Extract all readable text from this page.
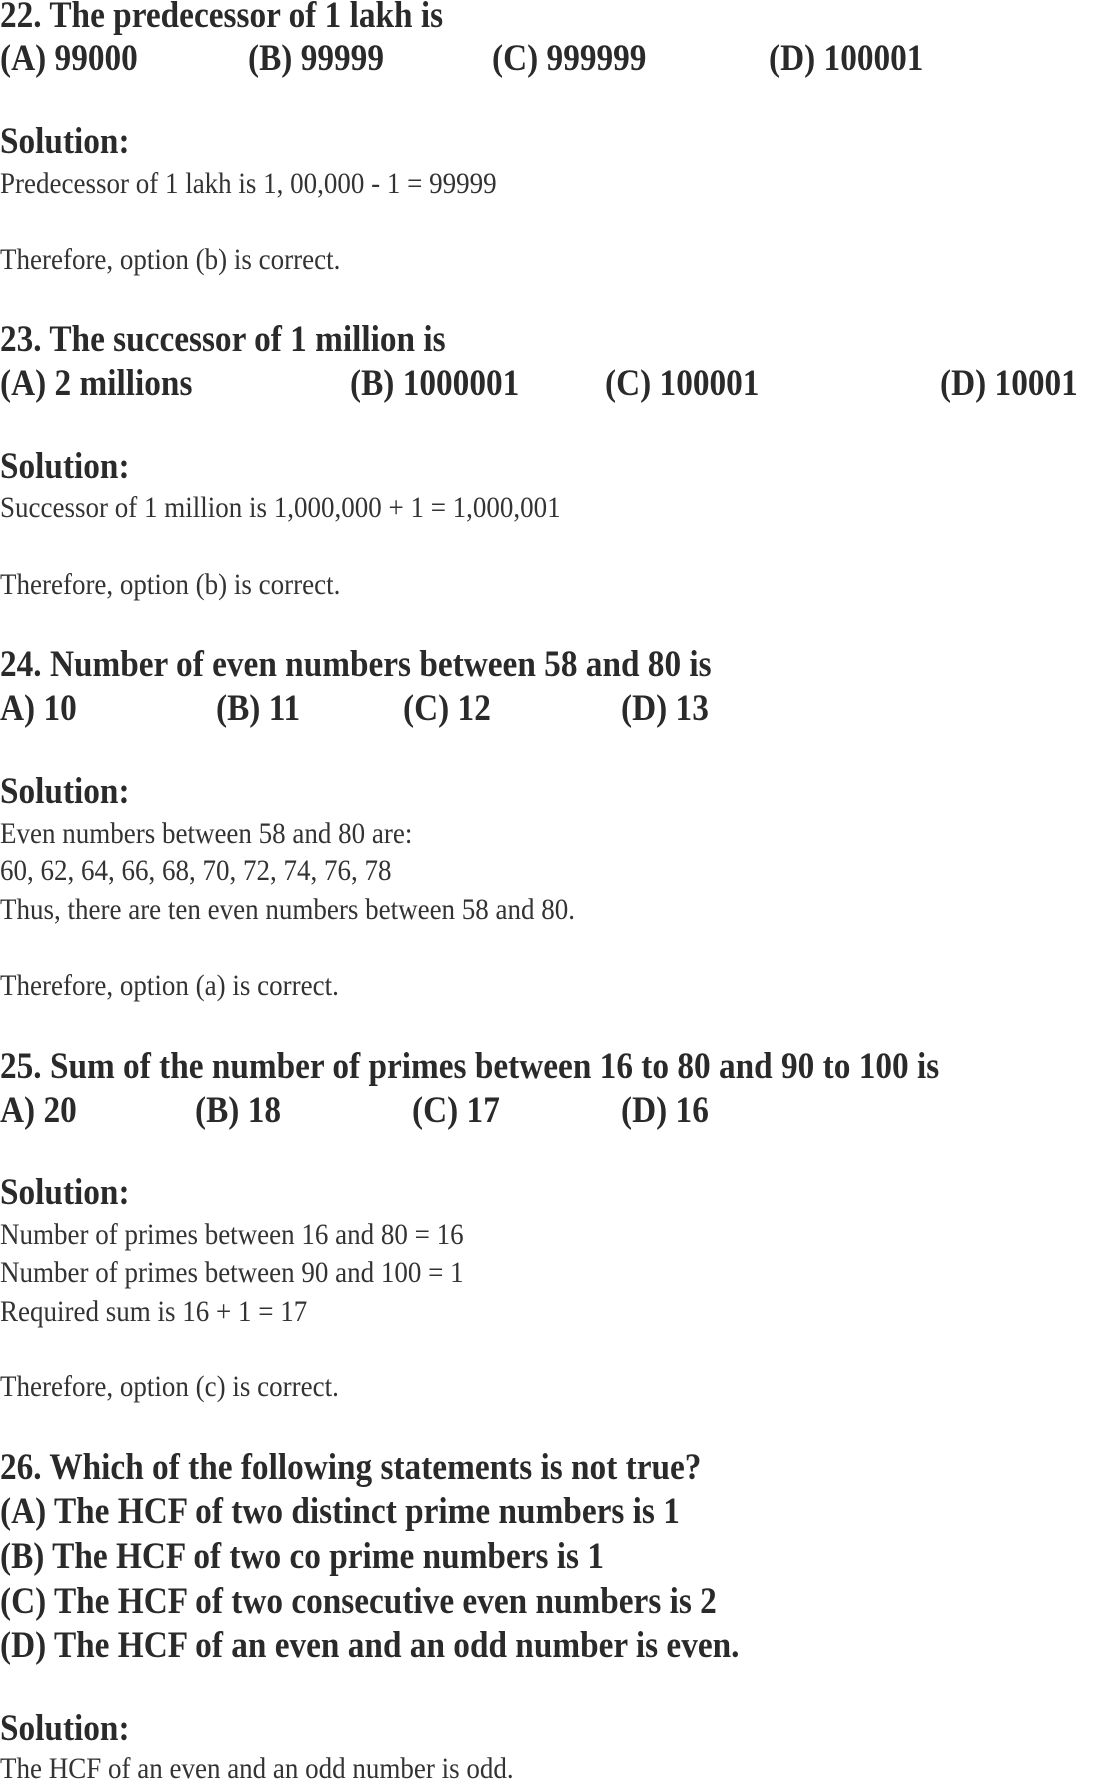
22. The predecessor of 1 lakh is
(A) 99000	(B) 99999	(C) 999999	(D) 100001
Solution:
Predecessor of 1 lakh is 1, 00,000 - 1 = 99999
Therefore, option (b) is correct.
23. The successor of 1 million is
(A) 2 millions	(B) 1000001 (C) 100001	(D) 10001
Solution:
Successor of 1 million is 1,000,000 + 1 = 1,000,001
Therefore, option (b) is correct.
24. Number of even numbers between 58 and 80 is
A) 10	(B) 11	(C) 12	(D) 13
Solution:
Even numbers between 58 and 80 are:
60, 62, 64, 66, 68, 70, 72, 74, 76, 78
Thus, there are ten even numbers between 58 and 80.
Therefore, option (a) is correct.
25. Sum of the number of primes between 16 to 80 and 90 to 100 is
A) 20	(B) 18	(C) 17	(D) 16
Solution:
Number of primes between 16 and 80 = 16
Number of primes between 90 and 100 = 1
Required sum is 16 + 1 = 17
Therefore, option (c) is correct.
26. Which of the following statements is not true?
(A) The HCF of two distinct prime numbers is 1
(B) The HCF of two co prime numbers is 1
(C) The HCF of two consecutive even numbers is 2
(D) The HCF of an even and an odd number is even.
Solution:
The HCF of an even and an odd number is odd.
